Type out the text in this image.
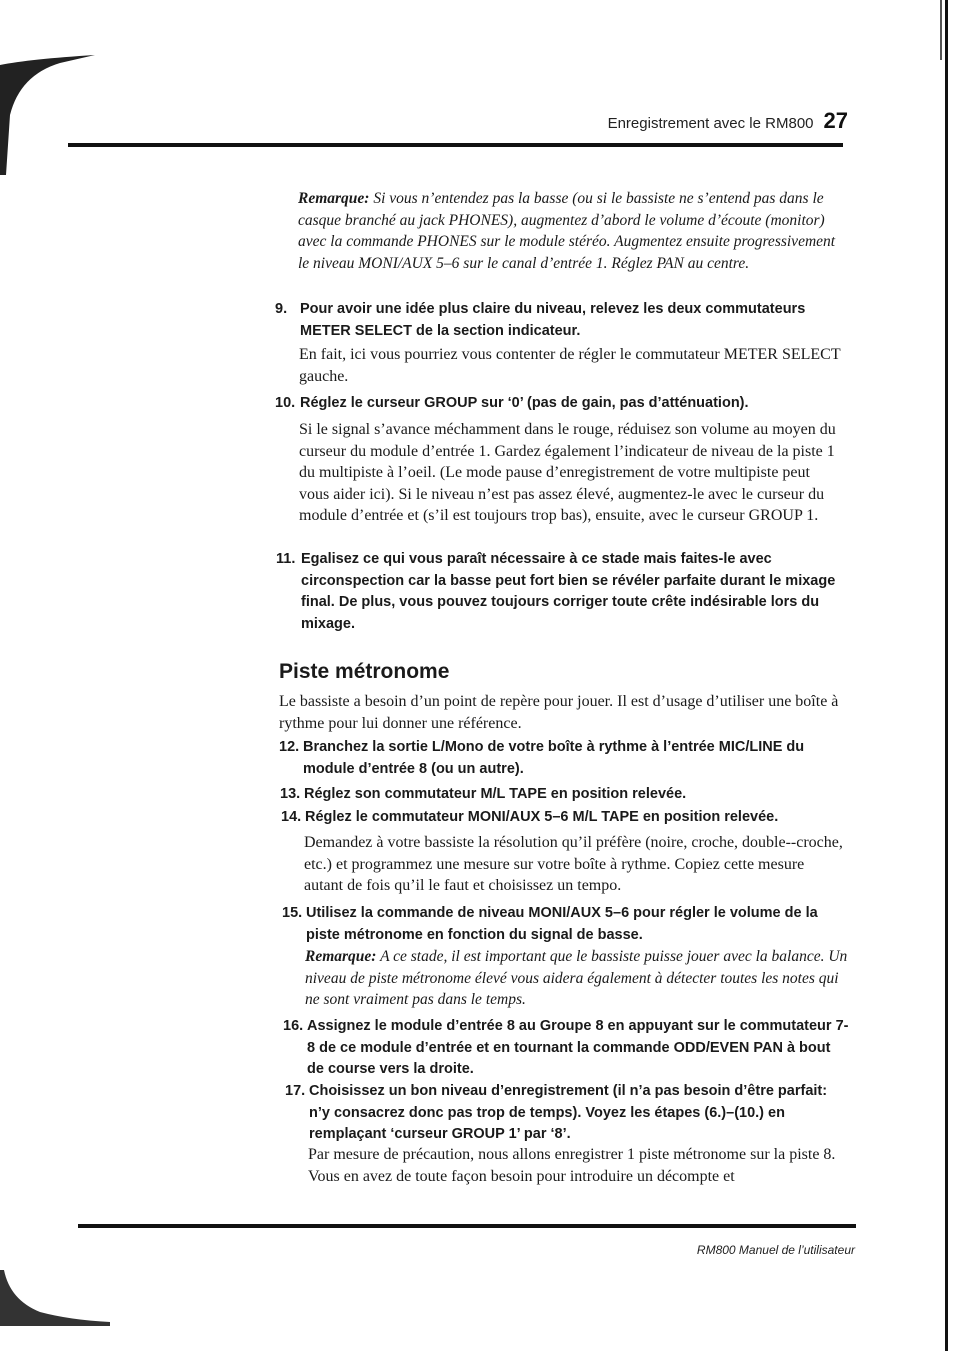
Enregistrement avec le RM800 27

Remarque: Si vous n’entendez pas la basse (ou si le bassiste ne s’entend pas dans le casque branché au jack PHONES), augmentez d’abord le volume d’écoute (monitor) avec la commande PHONES sur le module stéréo. Augmentez ensuite progressivement le niveau MONI/AUX 5–6 sur le canal d’entrée 1. Réglez PAN au centre.

9. Pour avoir une idée plus claire du niveau, relevez les deux commutateurs METER SELECT de la section indicateur.

En fait, ici vous pourriez vous contenter de régler le commutateur METER SELECT gauche.

10. Réglez le curseur GROUP sur ‘0’ (pas de gain, pas d’atténuation).

Si le signal s’avance méchamment dans le rouge, réduisez son volume au moyen du curseur du module d’entrée 1. Gardez également l’indicateur de niveau de la piste 1 du multipiste à l’oeil. (Le mode pause d’enregistrement de votre multipiste peut vous aider ici). Si le niveau n’est pas assez élevé, augmentez-le avec le curseur du module d’entrée et (s’il est toujours trop bas), ensuite, avec le curseur GROUP 1.

11. Egalisez ce qui vous paraît nécessaire à ce stade mais faites-le avec circonspection car la basse peut fort bien se révéler parfaite durant le mixage final. De plus, vous pouvez toujours corriger toute crête indésirable lors du mixage.
Piste métronome

Le bassiste a besoin d’un point de repère pour jouer. Il est d’usage d’utiliser une boîte à rythme pour lui donner une référence.

12. Branchez la sortie L/Mono de votre boîte à rythme à l’entrée MIC/LINE du module d’entrée 8 (ou un autre).
13. Réglez son commutateur M/L TAPE en position relevée.
14. Réglez le commutateur MONI/AUX 5–6 M/L TAPE en position relevée.

Demandez à votre bassiste la résolution qu’il préfère (noire, croche, double--croche, etc.) et programmez une mesure sur votre boîte à rythme. Copiez cette mesure autant de fois qu’il le faut et choisissez un tempo.

15. Utilisez la commande de niveau MONI/AUX 5–6 pour régler le volume de la piste métronome en fonction du signal de basse.

Remarque: A ce stade, il est important que le bassiste puisse jouer avec la balance. Un niveau de piste métronome élevé vous aidera également à détecter toutes les notes qui ne sont vraiment pas dans le temps.

16. Assignez le module d’entrée 8 au Groupe 8 en appuyant sur le commutateur 7-8 de ce module d’entrée et en tournant la commande ODD/EVEN PAN à bout de course vers la droite.
17. Choisissez un bon niveau d’enregistrement (il n’a pas besoin d’être parfait: n’y consacrez donc pas trop de temps). Voyez les étapes (6.)–(10.) en remplaçant ‘curseur GROUP 1’ par ‘8’.

Par mesure de précaution, nous allons enregistrer 1 piste métronome sur la piste 8. Vous en avez de toute façon besoin pour introduire un décompte et

RM800 Manuel de l’utilisateur
